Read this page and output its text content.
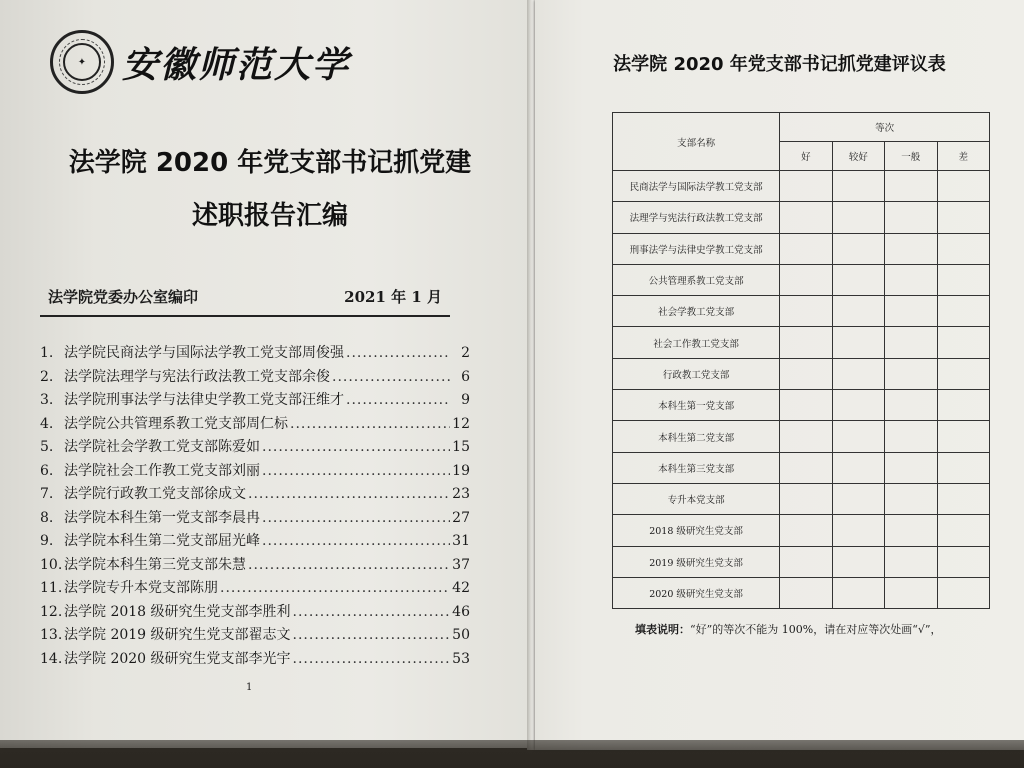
✦ 安徽师范大学
法学院 2020 年党支部书记抓党建
述职报告汇编
法学院党委办公室编印	2021 年 1 月
1. 法学院民商法学与国际法学教工党支部周俊强 .....	2
2. 法学院法理学与宪法行政法教工党支部余俊 .....	6
3. 法学院刑事法学与法律史学教工党支部汪维才 .....	9
4. 法学院公共管理系教工党支部周仁标 .....	12
5. 法学院社会学教工党支部陈爱如 .....	15
6. 法学院社会工作教工党支部刘丽 .....	19
7. 法学院行政教工党支部徐成文 .....	23
8. 法学院本科生第一党支部李晨冉 .....	27
9. 法学院本科生第二党支部屈光峰 .....	31
10. 法学院本科生第三党支部朱慧 .....	37
11. 法学院专升本党支部陈朋 .....	42
12. 法学院 2018 级研究生党支部李胜利 .....	46
13. 法学院 2019 级研究生党支部翟志文 .....	50
14. 法学院 2020 级研究生党支部李光宇 .....	53
1
法学院 2020 年党支部书记抓党建评议表
支部名称	等次			
	好	较好	一般	差
民商法学与国际法学教工党支部				
法理学与宪法行政法教工党支部				
刑事法学与法律史学教工党支部				
公共管理系教工党支部				
社会学教工党支部				
社会工作教工党支部				
行政教工党支部				
本科生第一党支部				
本科生第二党支部				
本科生第三党支部				
专升本党支部				
2018 级研究生党支部				
2019 级研究生党支部				
2020 级研究生党支部				
填表说明：“好”的等次不能为 100%，请在对应等次处画“√”，
